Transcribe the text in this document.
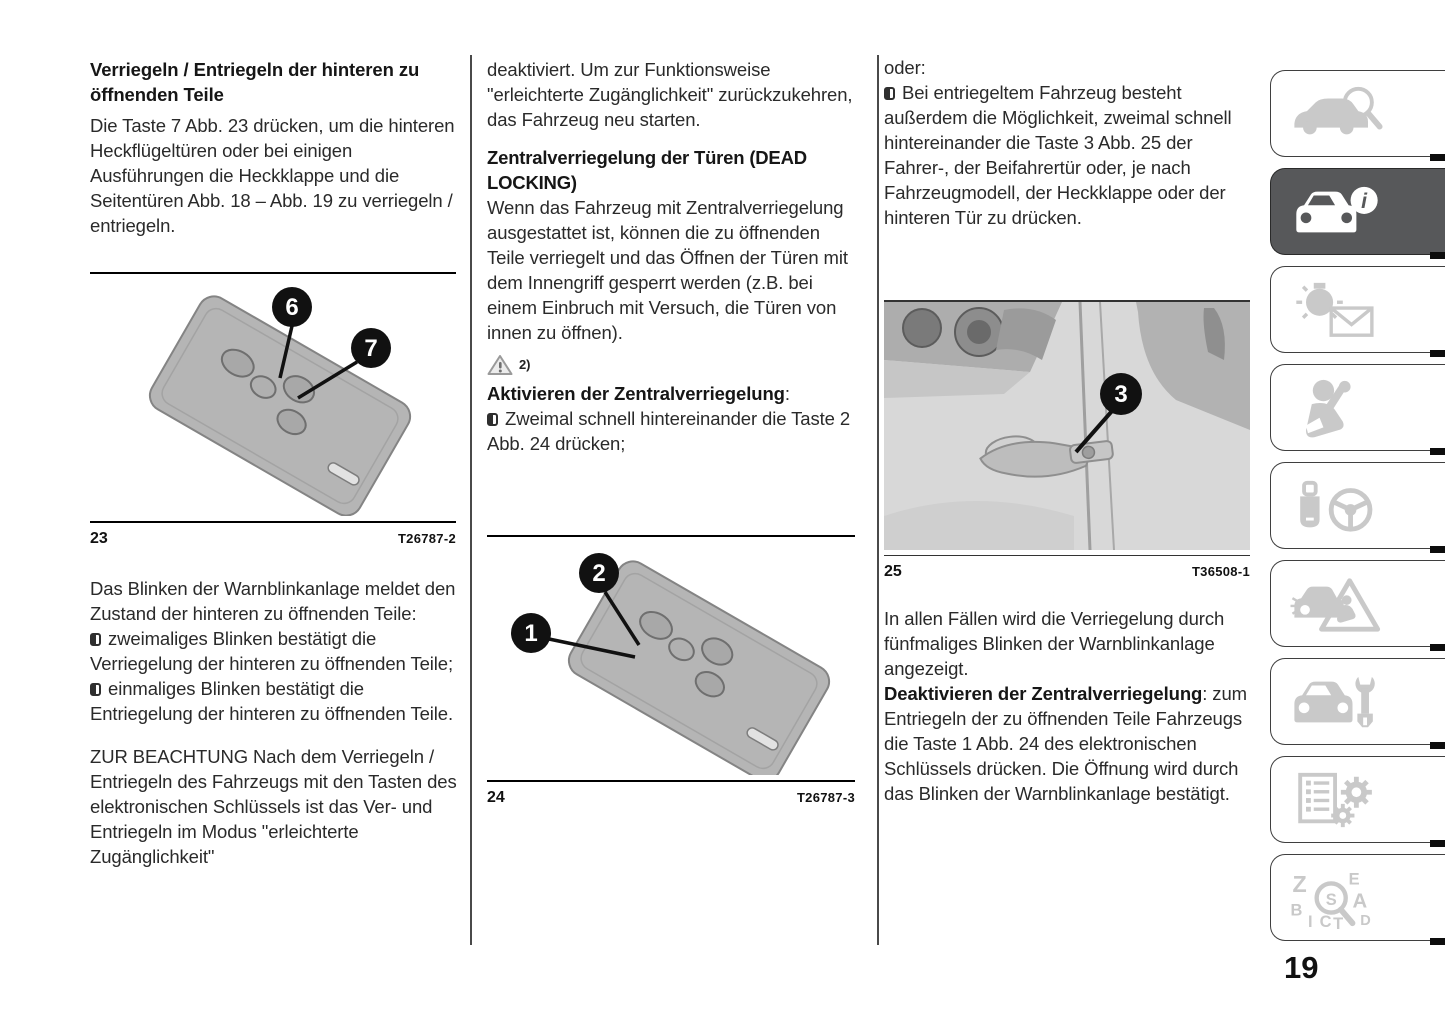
Verriegeln / Entriegeln der hinteren zu öffnenden Teile

Die Taste 7 Abb. 23 drücken, um die hinteren Heckflügeltüren oder bei einigen Ausführungen die Heckklappe und die Seitentüren Abb. 18 – Abb. 19 zu verriegeln / entriegeln.

6
7
23	T26787-2

Das Blinken der Warnblinkanlage meldet den Zustand der hinteren zu öffnenden Teile:

zweimaliges Blinken bestätigt die Verriegelung der hinteren zu öffnenden Teile;

einmaliges Blinken bestätigt die Entriegelung der hinteren zu öffnenden Teile.

ZUR BEACHTUNG Nach dem Verriegeln / Entriegeln des Fahrzeugs mit den Tasten des elektronischen Schlüssels ist das Ver- und Entriegeln im Modus "erleichterte Zugänglichkeit"

deaktiviert. Um zur Funktionsweise "erleichterte Zugänglichkeit" zurückzukehren, das Fahrzeug neu starten.

Zentralverriegelung der Türen (DEAD LOCKING)

Wenn das Fahrzeug mit Zentralverriegelung ausgestattet ist, können die zu öffnenden Teile verriegelt und das Öffnen der Türen mit dem Innengriff gesperrt werden (z.B. bei einem Einbruch mit Versuch, die Türen von innen zu öffnen).

2)

Aktivieren der Zentralverriegelung:

Zweimal schnell hintereinander die Taste 2 Abb. 24 drücken;

1
2
24	T26787-3

oder:

Bei entriegeltem Fahrzeug besteht außerdem die Möglichkeit, zweimal schnell hintereinander die Taste 3 Abb. 25 der Fahrer-, der Beifahrertür oder, je nach Fahrzeugmodell, der Heckklappe oder der hinteren Tür zu drücken.

3
25	T36508-1

In allen Fällen wird die Verriegelung durch fünfmaliges Blinken der Warnblinkanlage angezeigt.

Deaktivieren der Zentralverriegelung: zum Entriegeln der zu öffnenden Teile Fahrzeugs die Taste 1 Abb. 24 des elektronischen Schlüssels drücken. Die Öffnung wird durch das Blinken der Warnblinkanlage bestätigt.

i
Z E
B A
I C T D
S
19
